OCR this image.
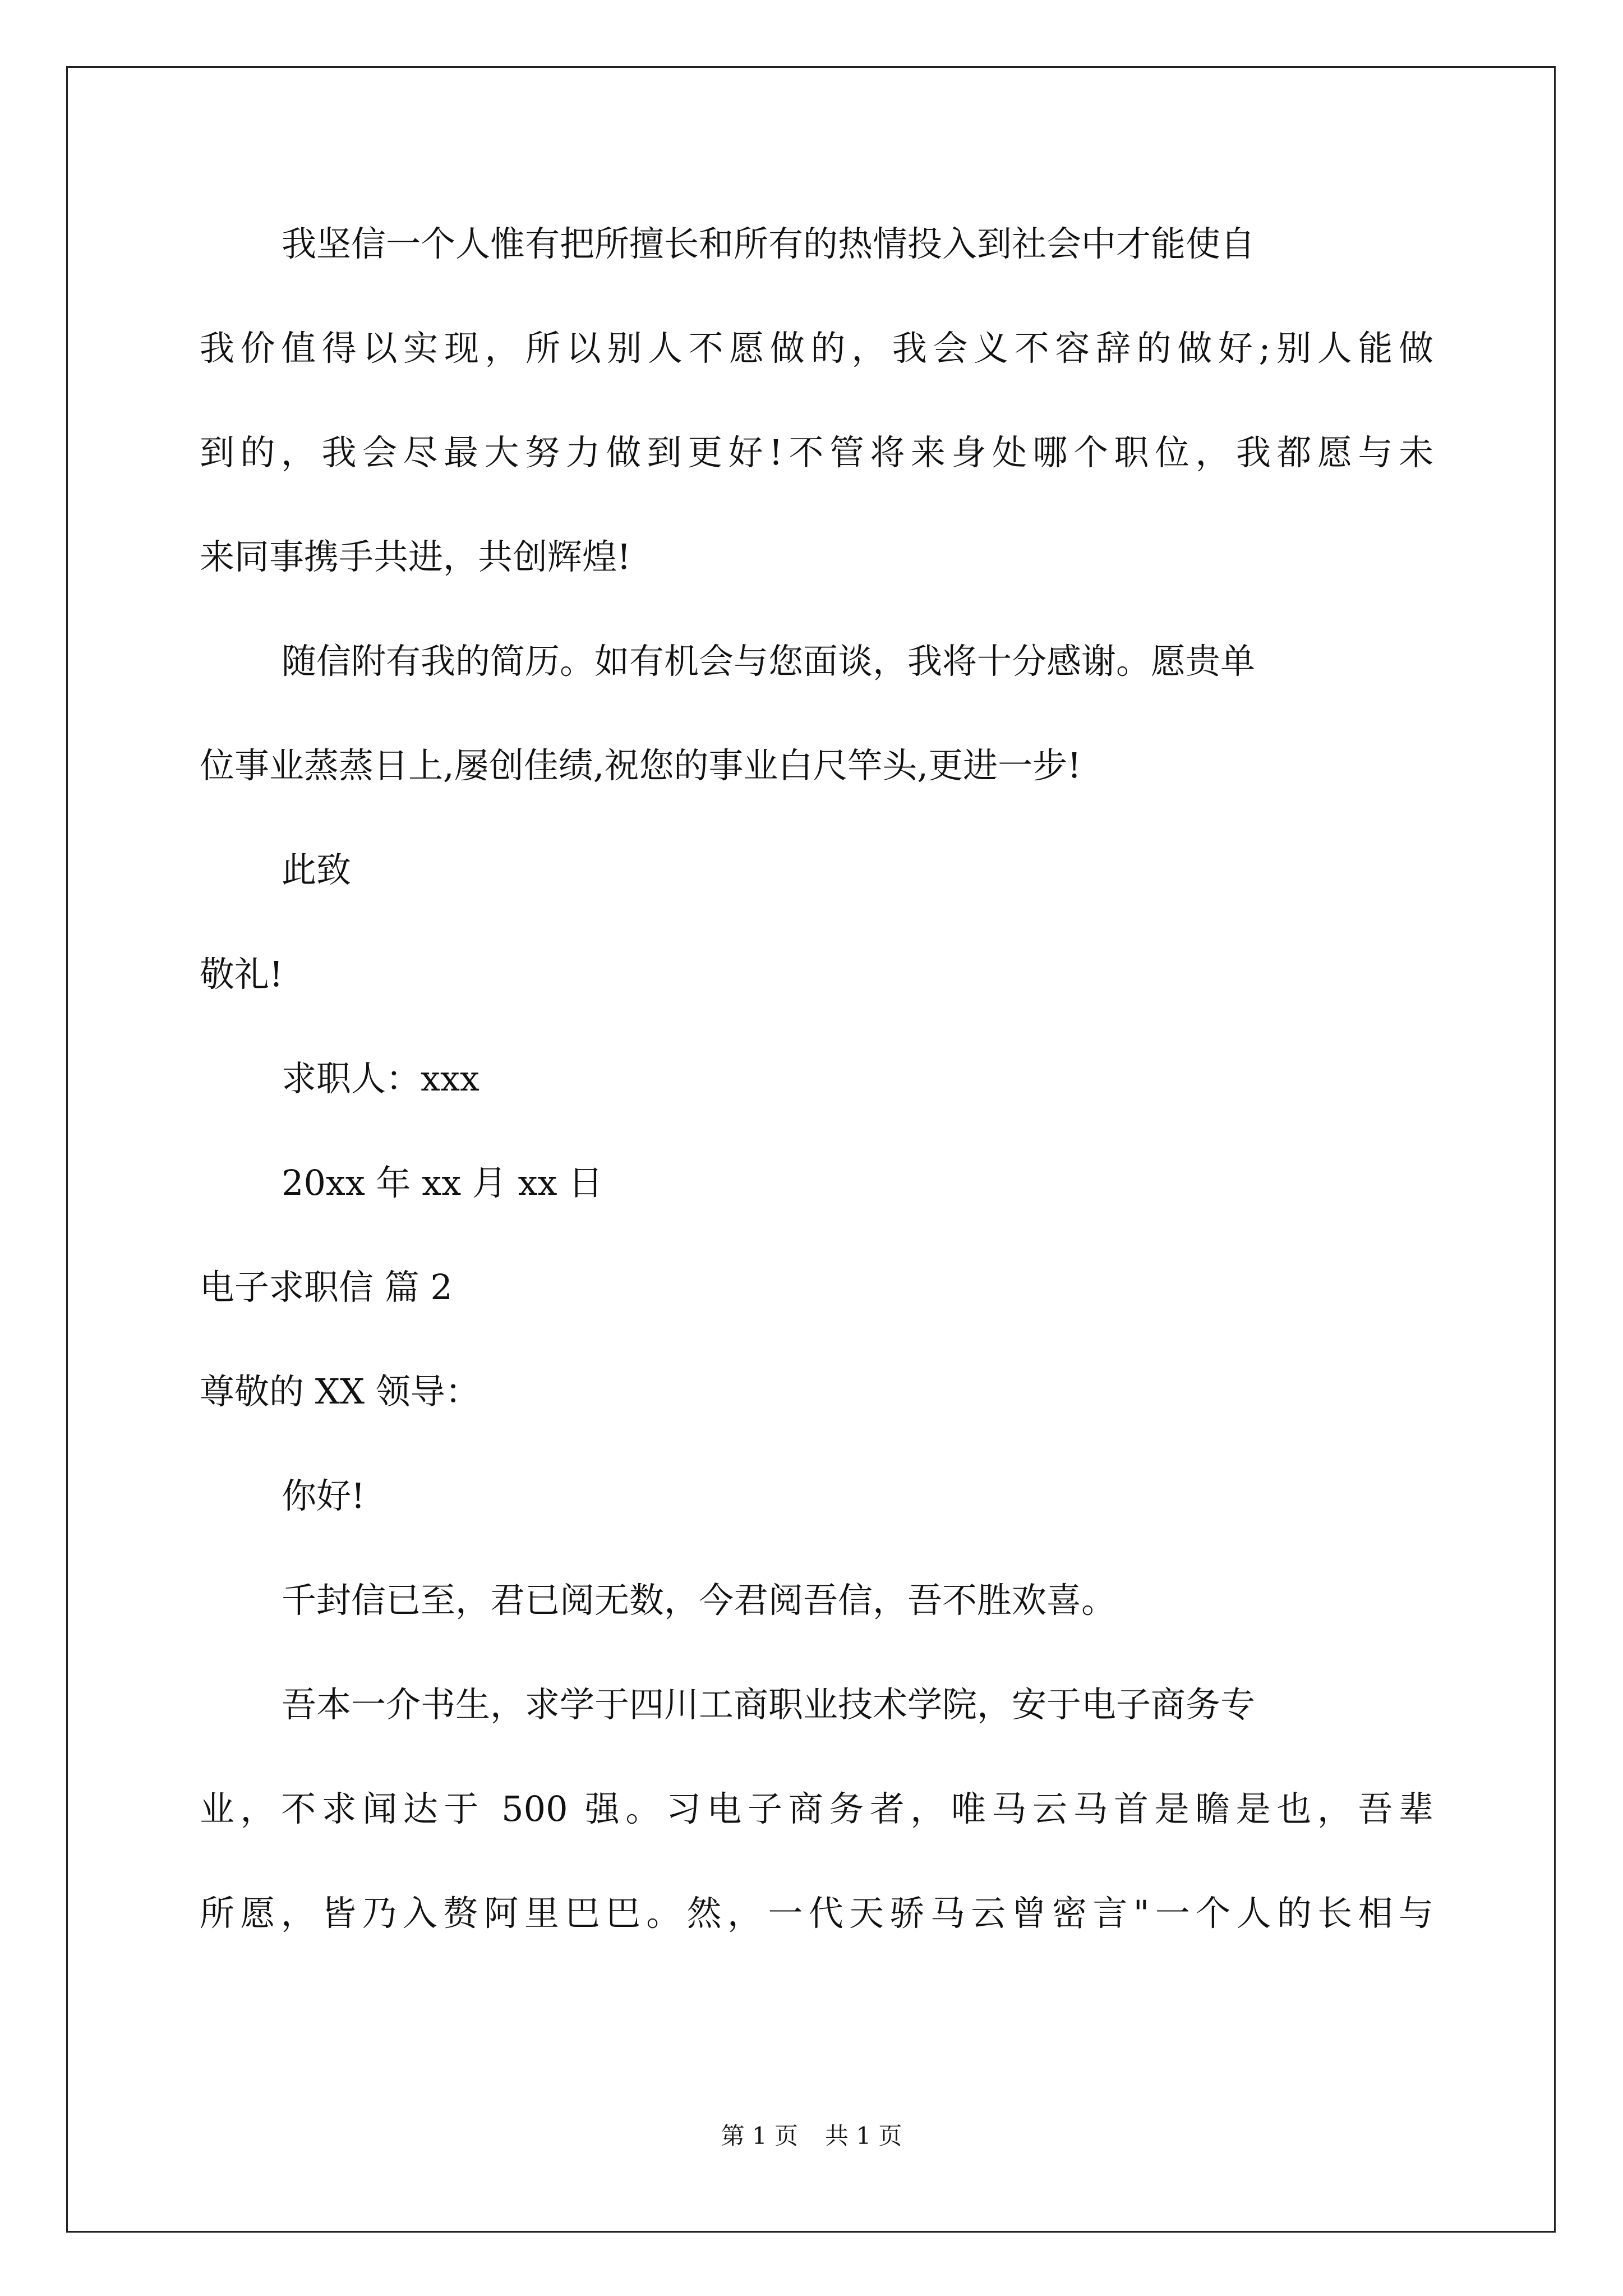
我坚信一个人惟有把所擅长和所有的热情投入到社会中才能使自
我价值得以实现，所以别人不愿做的，我会义不容辞的做好;别人能做
到的，我会尽最大努力做到更好!不管将来身处哪个职位，我都愿与未
来同事携手共进，共创辉煌!
随信附有我的简历。如有机会与您面谈，我将十分感谢。愿贵单
位事业蒸蒸日上,屡创佳绩,祝您的事业白尺竿头,更进一步!
此致
敬礼!
求职人：xxx
20xx 年 xx 月 xx 日
电子求职信 篇 2
尊敬的 XX 领导：
你好!
千封信已至，君已阅无数，今君阅吾信，吾不胜欢喜。
吾本一介书生，求学于四川工商职业技术学院，安于电子商务专
业，不求闻达于 500 强。习电子商务者，唯马云马首是瞻是也，吾辈
所愿，皆乃入赘阿里巴巴。然，一代天骄马云曾密言"一个人的长相与
第 1 页 共 1 页
